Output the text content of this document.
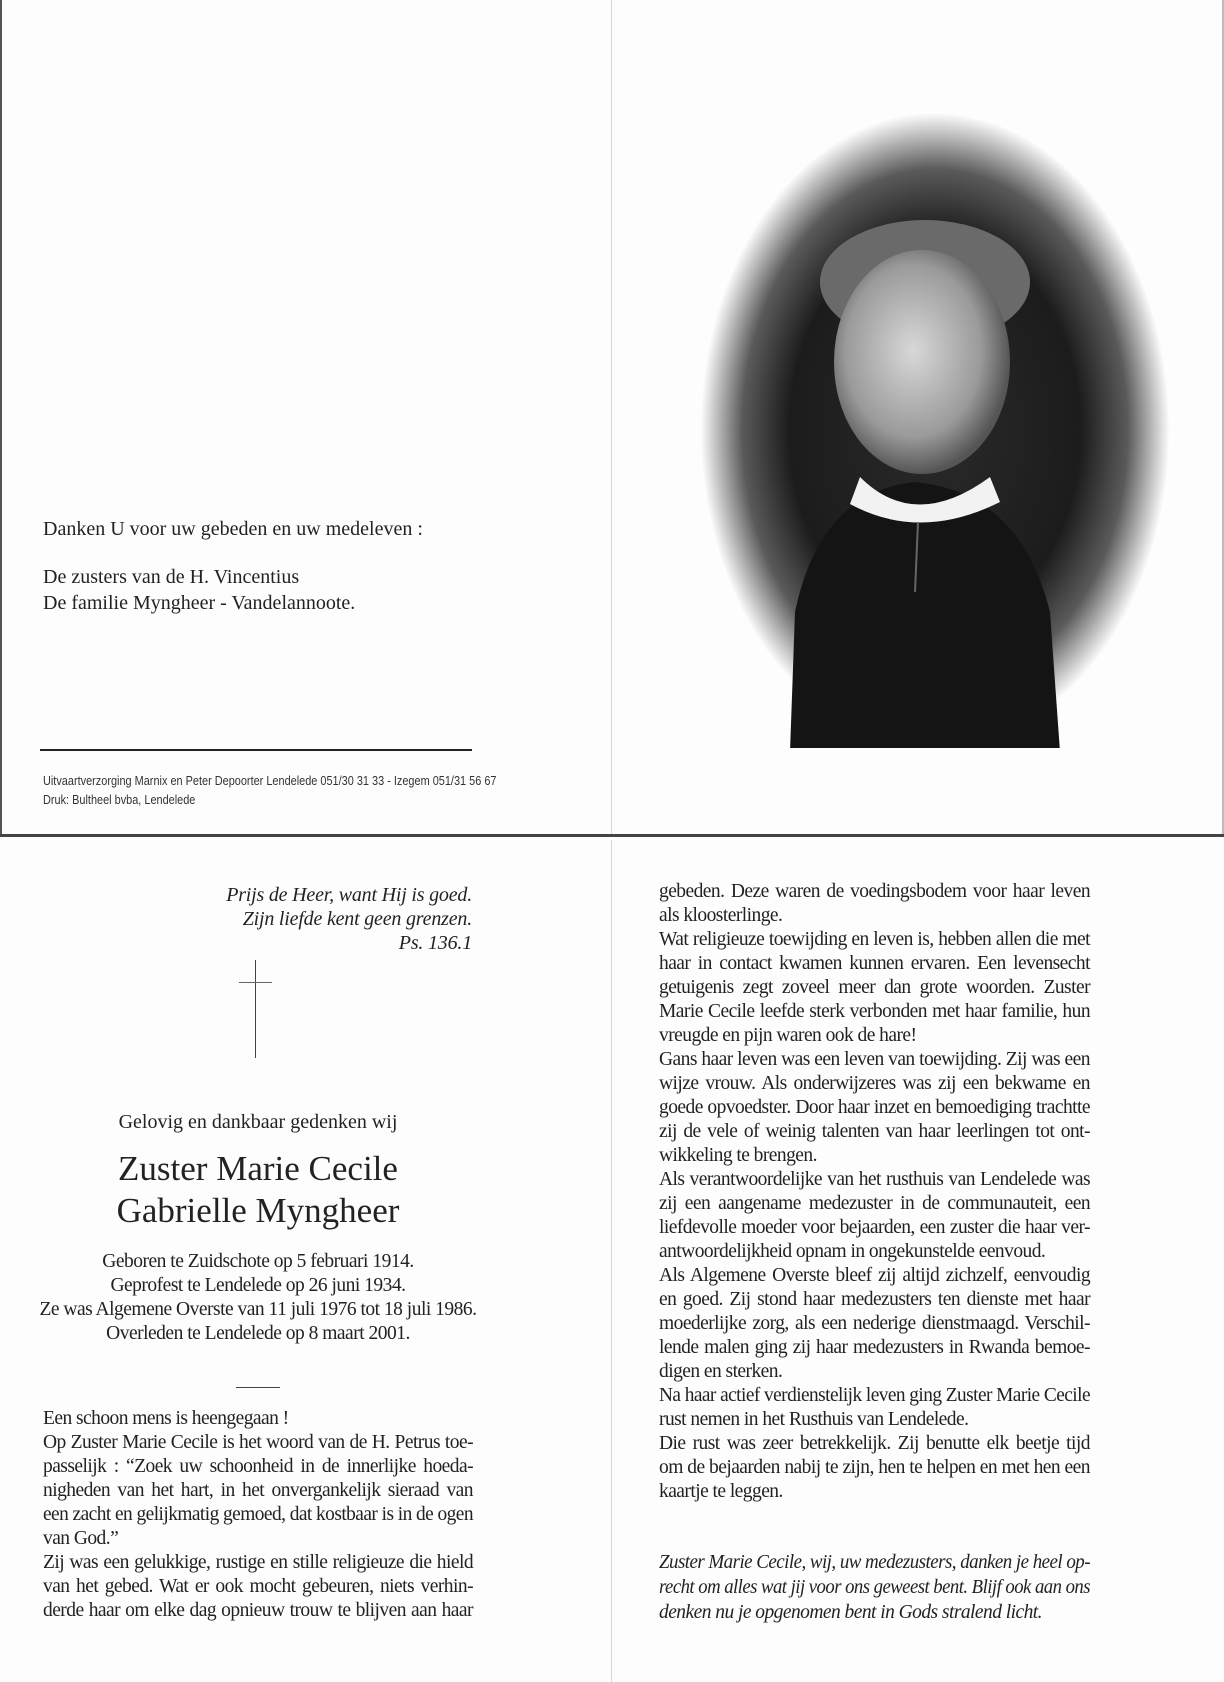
Danken U voor uw gebeden en uw medeleven :
De zusters van de H. Vincentius
De familie Myngheer - Vandelannoote.
Uitvaartverzorging Marnix en Peter Depoorter Lendelede 051/30 31 33 - Izegem 051/31 56 67
Druk: Bultheel bvba, Lendelede
Prijs de Heer, want Hij is goed.
Zijn liefde kent geen grenzen.
Ps. 136.1
Gelovig en dankbaar gedenken wij
Zuster Marie Cecile
Gabrielle Myngheer
Geboren te Zuidschote op 5 februari 1914.
Geprofest te Lendelede op 26 juni 1934.
Ze was Algemene Overste van 11 juli 1976 tot 18 juli 1986.
Overleden te Lendelede op 8 maart 2001.
Een schoon mens is heengegaan !
Op Zuster Marie Cecile is het woord van de H. Petrus toe-
passelijk : “Zoek uw schoonheid in de innerlijke hoeda-
nigheden van het hart, in het onvergankelijk sieraad van
een zacht en gelijkmatig gemoed, dat kostbaar is in de ogen
van God.”
Zij was een gelukkige, rustige en stille religieuze die hield
van het gebed. Wat er ook mocht gebeuren, niets verhin-
derde haar om elke dag opnieuw trouw te blijven aan haar
gebeden. Deze waren de voedingsbodem voor haar leven
als kloosterlinge.
Wat religieuze toewijding en leven is, hebben allen die met
haar in contact kwamen kunnen ervaren. Een levensecht
getuigenis zegt zoveel meer dan grote woorden. Zuster
Marie Cecile leefde sterk verbonden met haar familie, hun
vreugde en pijn waren ook de hare!
Gans haar leven was een leven van toewijding. Zij was een
wijze vrouw. Als onderwijzeres was zij een bekwame en
goede opvoedster. Door haar inzet en bemoediging trachtte
zij de vele of weinig talenten van haar leerlingen tot ont-
wikkeling te brengen.
Als verantwoordelijke van het rusthuis van Lendelede was
zij een aangename medezuster in de communauteit, een
liefdevolle moeder voor bejaarden, een zuster die haar ver-
antwoordelijkheid opnam in ongekunstelde eenvoud.
Als Algemene Overste bleef zij altijd zichzelf, eenvoudig
en goed. Zij stond haar medezusters ten dienste met haar
moederlijke zorg, als een nederige dienstmaagd. Verschil-
lende malen ging zij haar medezusters in Rwanda bemoe-
digen en sterken.
Na haar actief verdienstelijk leven ging Zuster Marie Cecile
rust nemen in het Rusthuis van Lendelede.
Die rust was zeer betrekkelijk. Zij benutte elk beetje tijd
om de bejaarden nabij te zijn, hen te helpen en met hen een
kaartje te leggen.
Zuster Marie Cecile, wij, uw medezusters, danken je heel op-
recht om alles wat jij voor ons geweest bent. Blijf ook aan ons
denken nu je opgenomen bent in Gods stralend licht.
